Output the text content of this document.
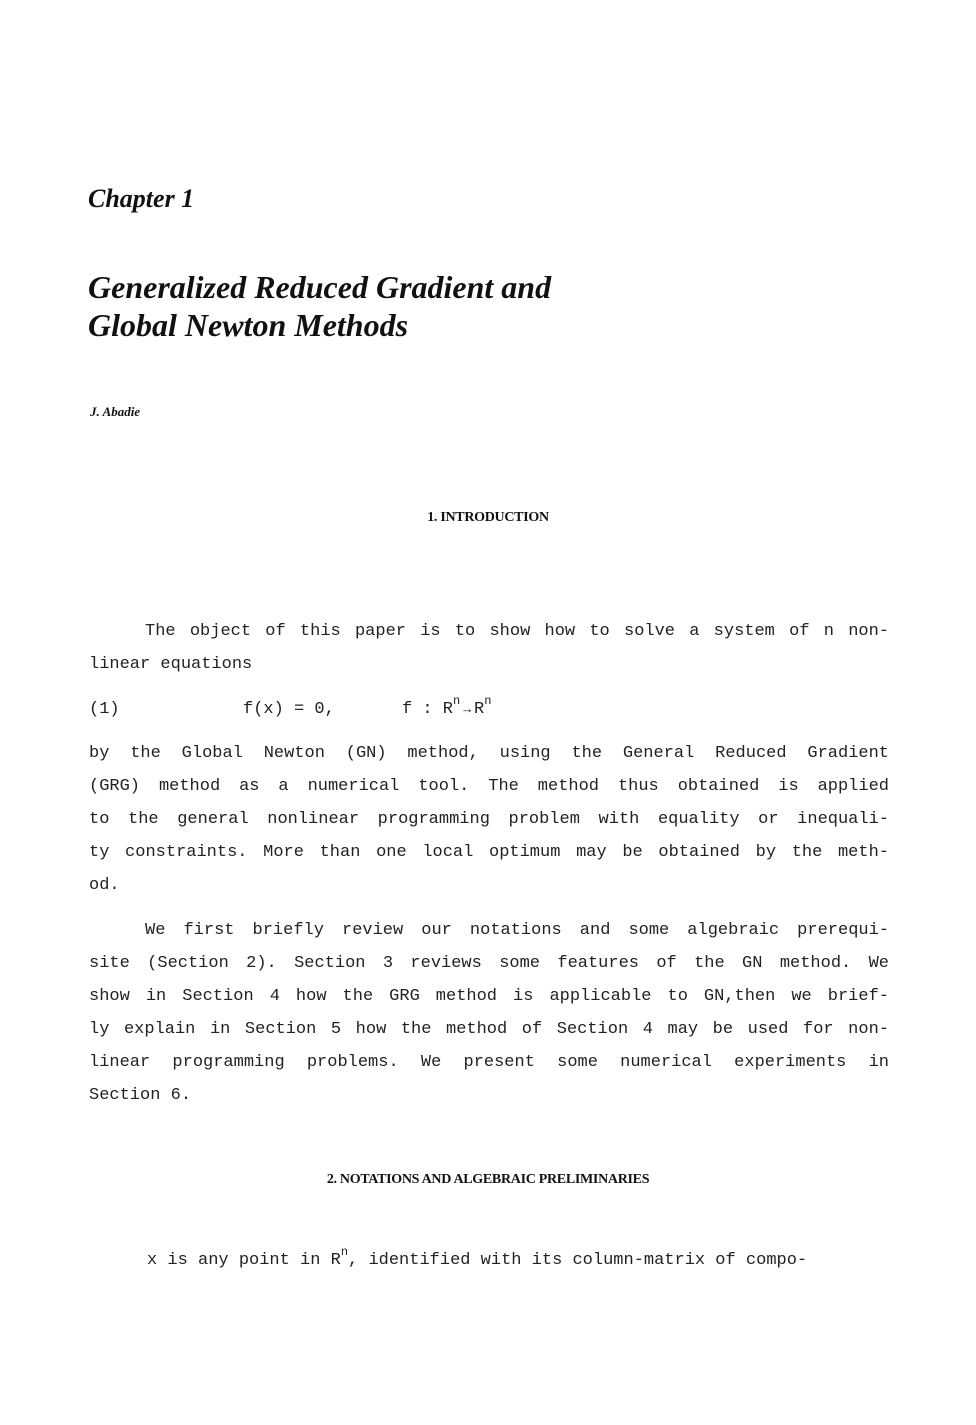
Chapter 1
Generalized Reduced Gradient and
Global Newton Methods
J. Abadie
1. INTRODUCTION
The object of this paper is to show how to solve a system of n non-
linear equations
(1)	f(x) = 0,	f : $R^n\to R^n$
by the Global Newton (GN) method, using the General Reduced Gradient
(GRG) method as a numerical tool. The method thus obtained is applied
to the general nonlinear programming problem with equality or inequali-
ty constraints. More than one local optimum may be obtained by the meth-
od.
We first briefly review our notations and some algebraic prerequi-
site (Section 2). Section 3 reviews some features of the GN method. We
show in Section 4 how the GRG method is applicable to GN,then we brief-
ly explain in Section 5 how the method of Section 4 may be used for non-
linear programming problems. We present some numerical experiments in
Section 6.
2. NOTATIONS AND ALGEBRAIC PRELIMINARIES
x is any point in $R^n$, identified with its column-matrix of compo-
